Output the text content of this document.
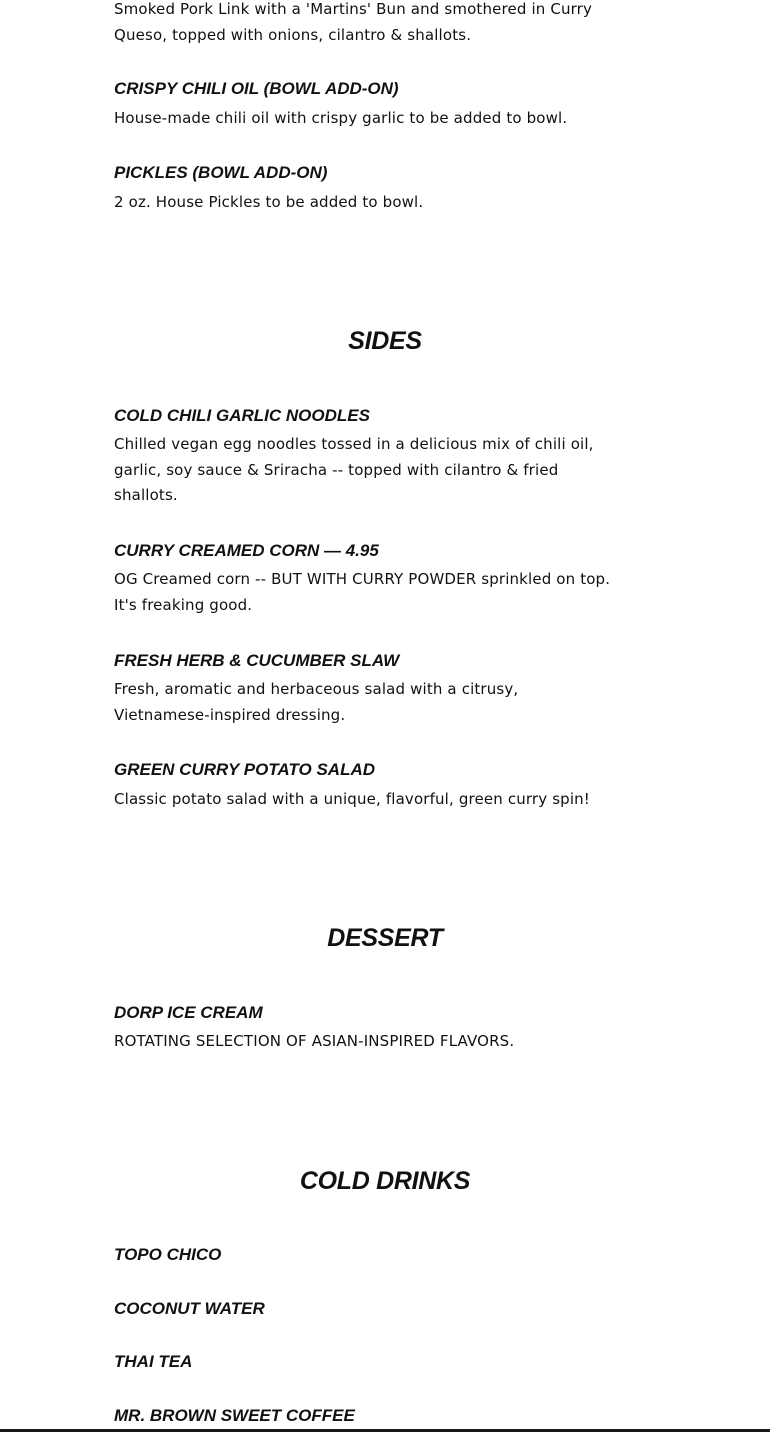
Smoked Pork Link with a 'Martins' Bun and smothered in Curry Queso, topped with onions, cilantro & shallots.

CRISPY CHILI OIL (BOWL ADD-ON)

House-made chili oil with crispy garlic to be added to bowl.

PICKLES (BOWL ADD-ON)

2 oz. House Pickles to be added to bowl.

SIDES

COLD CHILI GARLIC NOODLES

Chilled vegan egg noodles tossed in a delicious mix of chili oil, garlic, soy sauce & Sriracha -- topped with cilantro & fried shallots.

CURRY CREAMED CORN — 4.95

OG Creamed corn -- BUT WITH CURRY POWDER sprinkled on top. It's freaking good.

FRESH HERB & CUCUMBER SLAW

Fresh, aromatic and herbaceous salad with a citrusy, Vietnamese-inspired dressing.

GREEN CURRY POTATO SALAD

Classic potato salad with a unique, flavorful, green curry spin!

DESSERT

DORP ICE CREAM

ROTATING SELECTION OF ASIAN-INSPIRED FLAVORS.

COLD DRINKS

TOPO CHICO

COCONUT WATER

THAI TEA

MR. BROWN SWEET COFFEE
